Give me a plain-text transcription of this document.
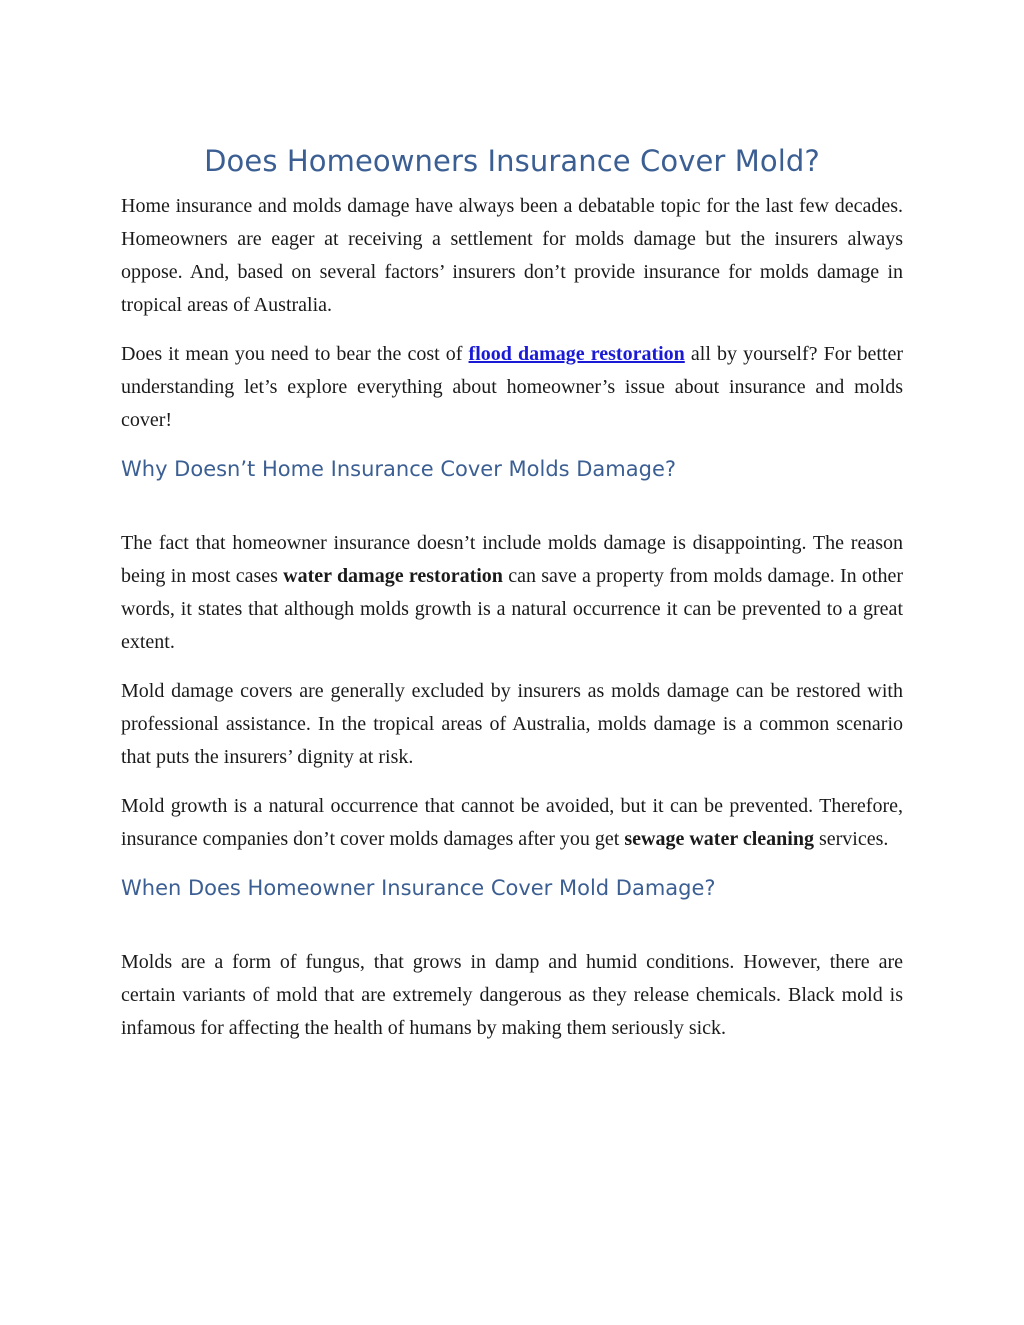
Does Homeowners Insurance Cover Mold?

Home insurance and molds damage have always been a debatable topic for the last few decades. Homeowners are eager at receiving a settlement for molds damage but the insurers always oppose. And, based on several factors’ insurers don’t provide insurance for molds damage in tropical areas of Australia.

Does it mean you need to bear the cost of flood damage restoration all by yourself? For better understanding let’s explore everything about homeowner’s issue about insurance and molds cover!

Why Doesn’t Home Insurance Cover Molds Damage?

The fact that homeowner insurance doesn’t include molds damage is disappointing. The reason being in most cases water damage restoration can save a property from molds damage. In other words, it states that although molds growth is a natural occurrence it can be prevented to a great extent.

Mold damage covers are generally excluded by insurers as molds damage can be restored with professional assistance. In the tropical areas of Australia, molds damage is a common scenario that puts the insurers’ dignity at risk.

Mold growth is a natural occurrence that cannot be avoided, but it can be prevented. Therefore, insurance companies don’t cover molds damages after you get sewage water cleaning services.

When Does Homeowner Insurance Cover Mold Damage?

Molds are a form of fungus, that grows in damp and humid conditions. However, there are certain variants of mold that are extremely dangerous as they release chemicals. Black mold is infamous for affecting the health of humans by making them seriously sick.
